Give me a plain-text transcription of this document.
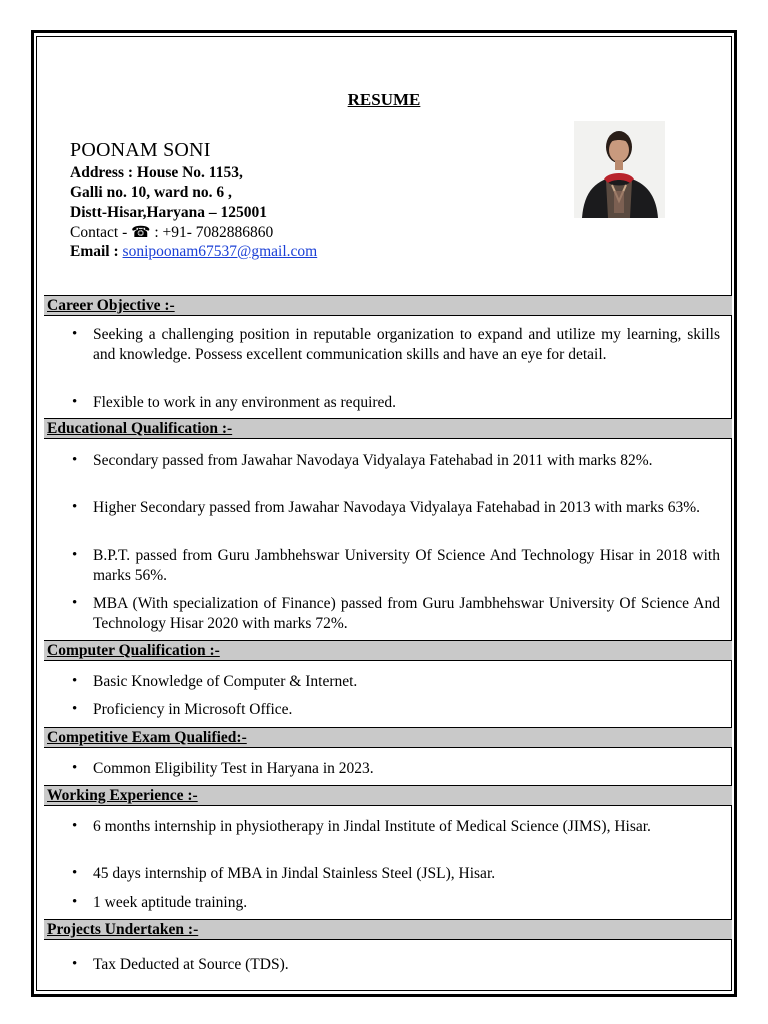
RESUME
POONAM SONI
Address : House No. 1153,
Galli no. 10, ward no. 6 ,
Distt-Hisar,Haryana – 125001
Contact - ☎ : +91- 7082886860
Email : sonipoonam67537@gmail.com
Career Objective :-
• Seeking a challenging position in reputable organization to expand and utilize my learning, skills and knowledge. Possess excellent communication skills and have an eye for detail.
• Flexible to work in any environment as required.
Educational Qualification :-
• Secondary passed from Jawahar Navodaya Vidyalaya Fatehabad in 2011 with marks 82%.
• Higher Secondary passed from Jawahar Navodaya Vidyalaya Fatehabad in 2013 with marks 63%.
• B.P.T. passed from Guru Jambhehswar University Of Science And Technology Hisar in 2018 with marks 56%.
• MBA (With specialization of Finance) passed from Guru Jambhehswar University Of Science And Technology Hisar 2020 with marks 72%.
Computer Qualification :-
• Basic Knowledge of Computer & Internet.
• Proficiency in Microsoft Office.
Competitive Exam Qualified:-
• Common Eligibility Test in Haryana in 2023.
Working Experience :-
• 6 months internship in physiotherapy in Jindal Institute of Medical Science (JIMS), Hisar.
• 45 days internship of MBA in Jindal Stainless Steel (JSL), Hisar.
• 1 week aptitude training.
Projects Undertaken :-
• Tax Deducted at Source (TDS).
